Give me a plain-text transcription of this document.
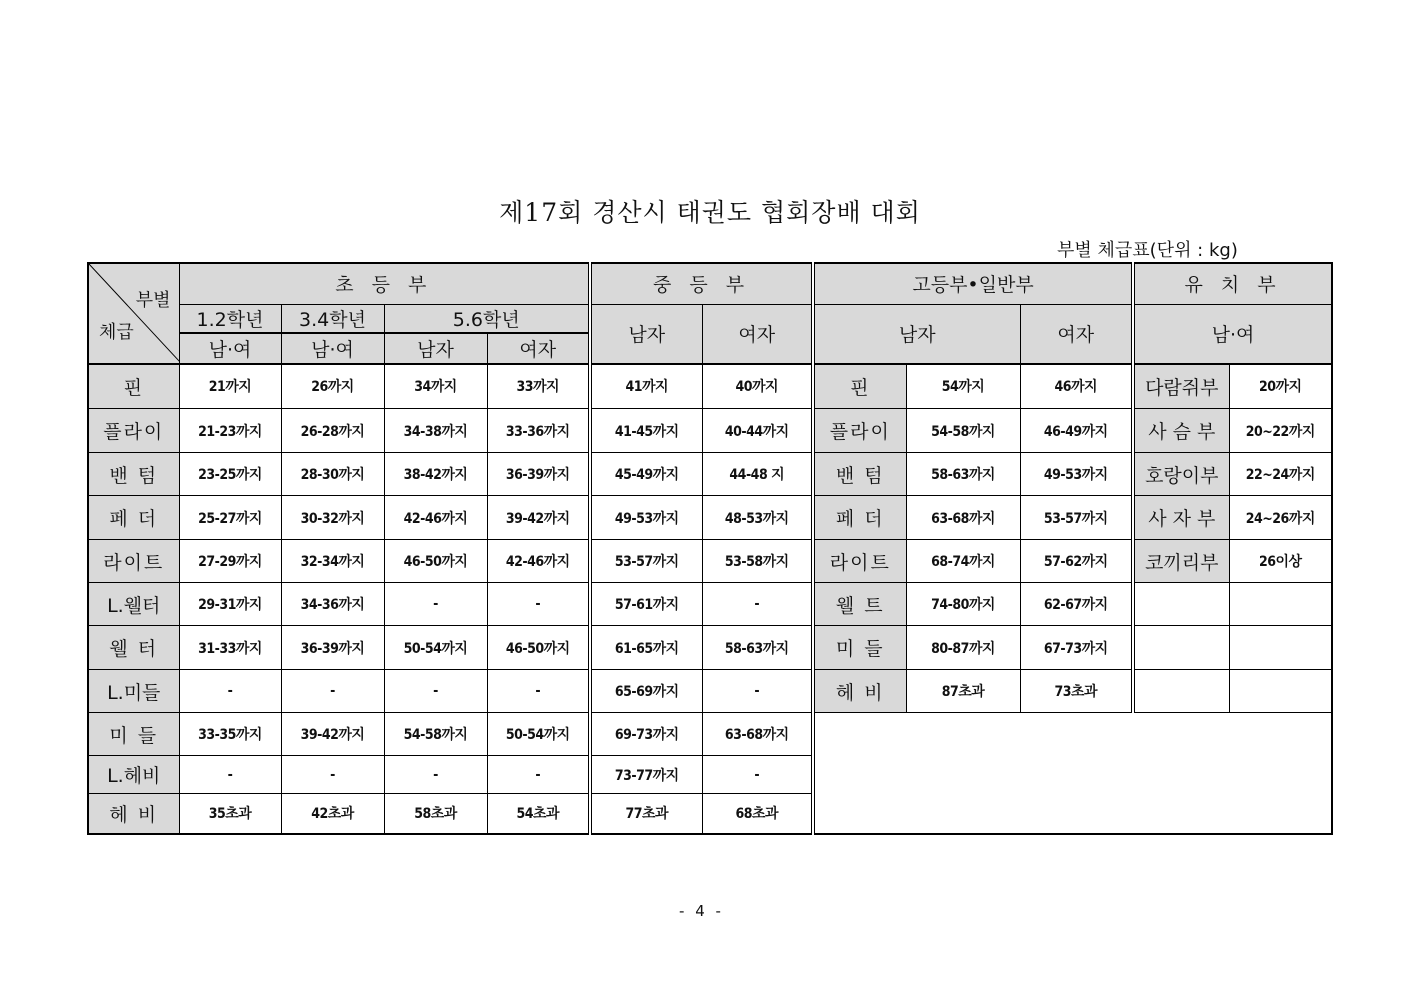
제17회 경산시 태권도 협회장배 대회
부별 체급표(단위 : kg)
부별
체급	초 등 부				중 등 부		고등부•일반부			유 치 부	
	1.2학년	3.4학년	5.6학년		남자	여자	남자		여자	남·여	
	남·여	남·여	남자	여자							
핀	21까지	26까지	34까지	33까지	41까지	40까지	핀	54까지	46까지	다람쥐부	20까지
플라이	21-23까지	26-28까지	34-38까지	33-36까지	41-45까지	40-44까지	플라이	54-58까지	46-49까지	사 슴 부	20~22까지
밴 텀	23-25까지	28-30까지	38-42까지	36-39까지	45-49까지	44-48 지	밴 텀	58-63까지	49-53까지	호랑이부	22~24까지
페 더	25-27까지	30-32까지	42-46까지	39-42까지	49-53까지	48-53까지	페 더	63-68까지	53-57까지	사 자 부	24~26까지
라이트	27-29까지	32-34까지	46-50까지	42-46까지	53-57까지	53-58까지	라이트	68-74까지	57-62까지	코끼리부	26이상
L.웰터	29-31까지	34-36까지	-	-	57-61까지	-	웰 트	74-80까지	62-67까지		
웰 터	31-33까지	36-39까지	50-54까지	46-50까지	61-65까지	58-63까지	미 들	80-87까지	67-73까지		
L.미들	-	-	-	-	65-69까지	-	헤 비	87초과	73초과		
미 들	33-35까지	39-42까지	54-58까지	50-54까지	69-73까지	63-68까지					
L.헤비	-	-	-	-	73-77까지	-					
헤 비	35초과	42초과	58초과	54초과	77초과	68초과					
- 4 -
